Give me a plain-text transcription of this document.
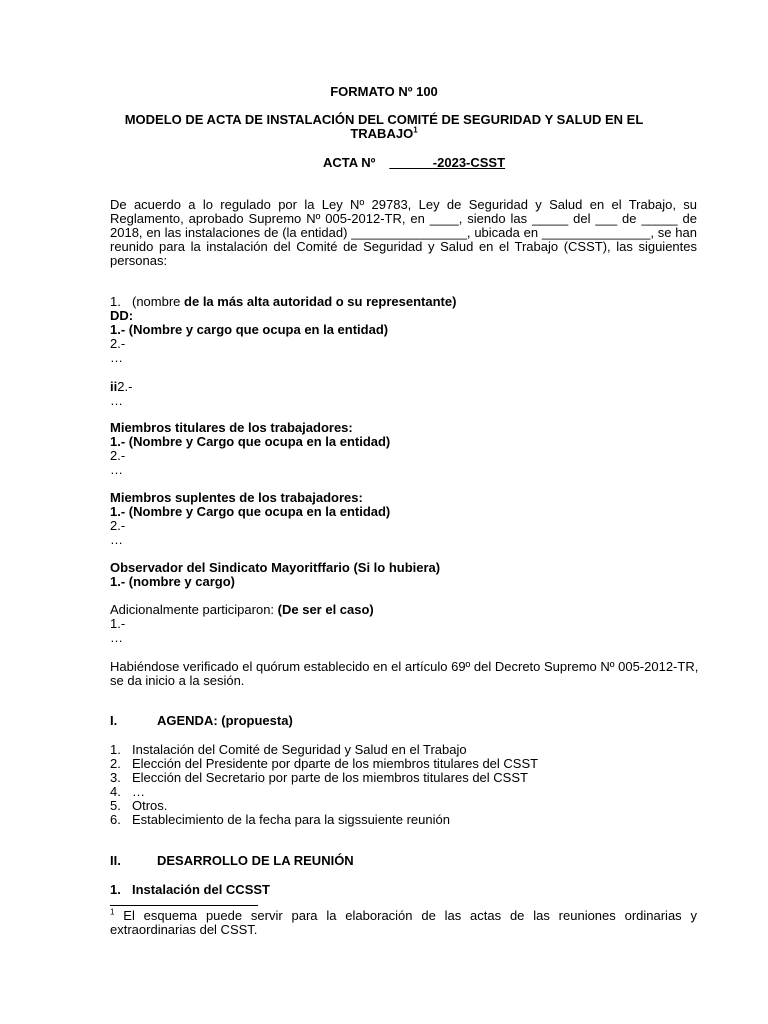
FORMATO Nº 100
MODELO DE ACTA DE INSTALACIÓN DEL COMITÉ DE SEGURIDAD Y SALUD EN EL
TRABAJO$^1$
ACTA Nº ______-2023-CSST
De acuerdo a lo regulado por la Ley Nº 29783, Ley de Seguridad y Salud en el Trabajo, su
Reglamento, aprobado Supremo Nº 005-2012-TR, en ____, siendo las _____ del ___ de _____ de
2018, en las instalaciones de (la entidad) ________________, ubicada en _______________, se han
reunido para la instalación del Comité de Seguridad y Salud en el Trabajo (CSST), las siguientes
personas:
1. (nombre de la más alta autoridad o su representante)
DD:
1.- (Nombre y cargo que ocupa en la entidad)
2.-
…
ii2.-
…
Miembros titulares de los trabajadores:
1.- (Nombre y Cargo que ocupa en la entidad)
2.-
…
Miembros suplentes de los trabajadores:
1.- (Nombre y Cargo que ocupa en la entidad)
2.-
…
Observador del Sindicato Mayoritffario (Si lo hubiera)
1.- (nombre y cargo)
Adicionalmente participaron: (De ser el caso)
1.-
…
Habiéndose verificado el quórum establecido en el artículo 69º del Decreto Supremo Nº 005-2012-TR,
se da inicio a la sesión.
I.	AGENDA: (propuesta)
1. Instalación del Comité de Seguridad y Salud en el Trabajo
2. Elección del Presidente por dparte de los miembros titulares del CSST
3. Elección del Secretario por parte de los miembros titulares del CSST
4. …
5. Otros.
6. Establecimiento de la fecha para la sigssuiente reunión
II.	DESARROLLO DE LA REUNIÓN
1. Instalación del CCSST
$^1$ El esquema puede servir para la elaboración de las actas de las reuniones ordinarias y
extraordinarias del CSST.
